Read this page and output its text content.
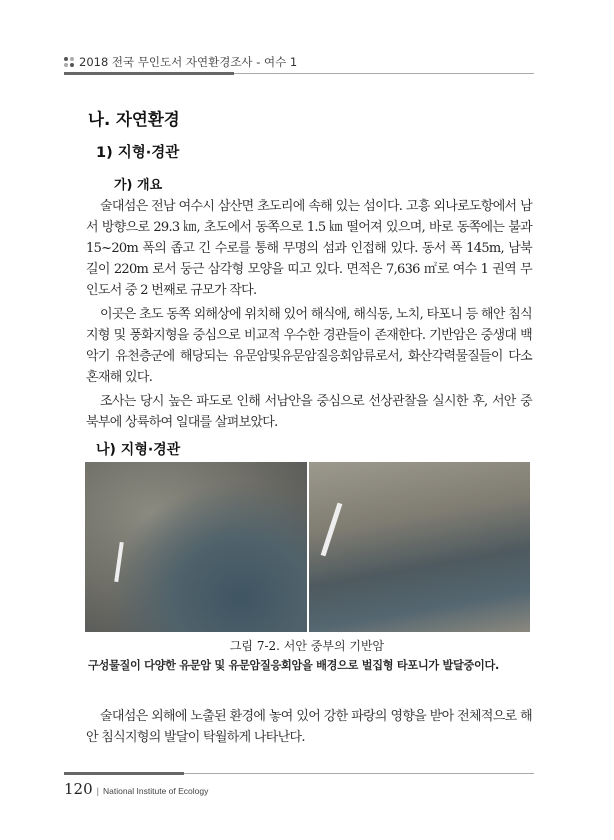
2018 전국 무인도서 자연환경조사 - 여수 1
나. 자연환경
1) 지형·경관
가) 개요

술대섬은 전남 여수시 삼산면 초도리에 속해 있는 섬이다. 고흥 외나로도항에서 남서 방향으로 29.3 ㎞, 초도에서 동쪽으로 1.5 ㎞ 떨어져 있으며, 바로 동쪽에는 불과 15~20m 폭의 좁고 긴 수로를 통해 무명의 섬과 인접해 있다. 동서 폭 145m, 남북 길이 220m 로서 둥근 삼각형 모양을 띠고 있다. 면적은 7,636 ㎡로 여수 1 권역 무인도서 중 2 번째로 규모가 작다.

이곳은 초도 동쪽 외해상에 위치해 있어 해식애, 해식동, 노치, 타포니 등 해안 침식지형 및 풍화지형을 중심으로 비교적 우수한 경관들이 존재한다. 기반암은 중생대 백악기 유천층군에 해당되는 유문암및유문암질응회암류로서, 화산각력물질들이 다소 혼재해 있다.

조사는 당시 높은 파도로 인해 서남안을 중심으로 선상관찰을 실시한 후, 서안 중북부에 상륙하여 일대를 살펴보았다.

나) 지형·경관
그림 7-2. 서안 중부의 기반암
구성물질이 다양한 유문암 및 유문암질응회암을 배경으로 벌집형 타포니가 발달중이다.

술대섬은 외해에 노출된 환경에 놓여 있어 강한 파랑의 영향을 받아 전체적으로 해안 침식지형의 발달이 탁월하게 나타난다.

120 | National Institute of Ecology
